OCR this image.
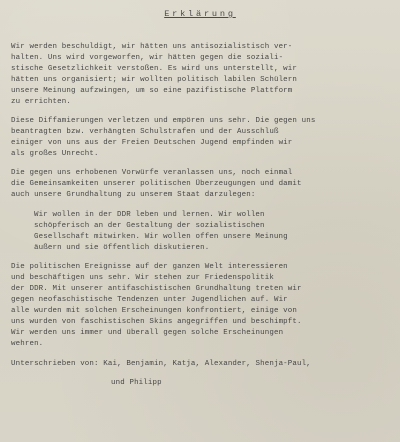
Erklärung
Wir werden beschuldigt, wir hätten uns antisozialistisch ver-
halten. Uns wird vorgeworfen, wir hätten gegen die soziali-
stische Gesetzlichkeit verstoßen. Es wird uns unterstellt, wir
hätten uns organisiert; wir wollten politisch labilen Schülern
unsere Meinung aufzwingen, um so eine pazifistische Plattform
zu errichten.
Diese Diffamierungen verletzen und empören uns sehr. Die gegen uns
beantragten bzw. verhängten Schulstrafen und der Ausschluß
einiger von uns aus der Freien Deutschen Jugend empfinden wir
als großes Unrecht.
Die gegen uns erhobenen Vorwürfe veranlassen uns, noch einmal
die Gemeinsamkeiten unserer politischen Überzeugungen und damit
auch unsere Grundhaltung zu unserem Staat darzulegen:
Wir wollen in der DDR leben und lernen. Wir wollen
schöpferisch an der Gestaltung der sozialistischen
Gesellschaft mitwirken. Wir wollen offen unsere Meinung
äußern und sie öffentlich diskutieren.
Die politischen Ereignisse auf der ganzen Welt interessieren
und beschäftigen uns sehr. Wir stehen zur Friedenspolitik
der DDR. Mit unserer antifaschistischen Grundhaltung treten wir
gegen neofaschistische Tendenzen unter Jugendlichen auf. Wir
alle wurden mit solchen Erscheinungen konfrontiert, einige von
uns wurden von faschistischen Skins angegriffen und beschimpft.
Wir werden uns immer und überall gegen solche Erscheinungen
wehren.
Unterschrieben von: Kai, Benjamin, Katja, Alexander, Shenja-Paul,
und Philipp
